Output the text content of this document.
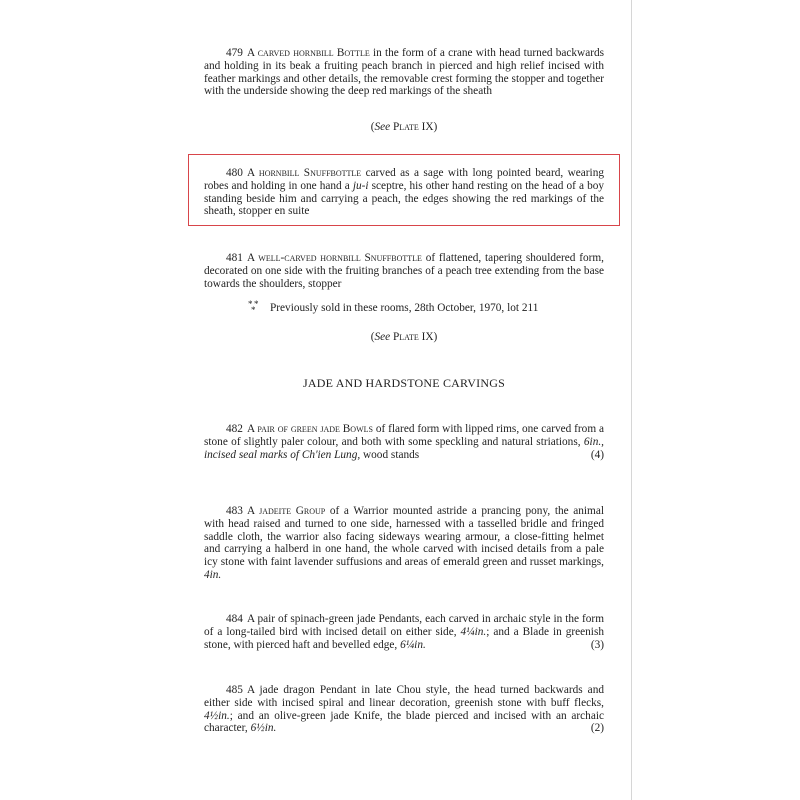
479 A carved hornbill Bottle in the form of a crane with head turned backwards and holding in its beak a fruiting peach branch in pierced and high relief incised with feather markings and other details, the removable crest forming the stopper and together with the underside showing the deep red markings of the sheath

(See Plate IX)

480 A hornbill Snuffbottle carved as a sage with long pointed beard, wearing robes and holding in one hand a ju-i sceptre, his other hand resting on the head of a boy standing beside him and carrying a peach, the edges showing the red markings of the sheath, stopper en suite

481 A well-carved hornbill Snuffbottle of flattened, tapering shouldered form, decorated on one side with the fruiting branches of a peach tree extending from the base towards the shoulders, stopper

* *
* Previously sold in these rooms, 28th October, 1970, lot 211
(See Plate IX)
JADE AND HARDSTONE CARVINGS

482 A pair of green jade Bowls of flared form with lipped rims, one carved from a stone of slightly paler colour, and both with some speckling and natural striations, 6in., incised seal marks of Ch'ien Lung, wood stands	(4)

483 A jadeite Group of a Warrior mounted astride a prancing pony, the animal with head raised and turned to one side, harnessed with a tasselled bridle and fringed saddle cloth, the warrior also facing sideways wearing armour, a close-fitting helmet and carrying a halberd in one hand, the whole carved with incised details from a pale icy stone with faint lavender suffusions and areas of emerald green and russet markings, 4in.

484 A pair of spinach-green jade Pendants, each carved in archaic style in the form of a long-tailed bird with incised detail on either side, 4¼in.; and a Blade in greenish stone, with pierced haft and bevelled edge, 6¼in.	(3)

485 A jade dragon Pendant in late Chou style, the head turned backwards and either side with incised spiral and linear decoration, greenish stone with buff flecks, 4½in.; and an olive-green jade Knife, the blade pierced and incised with an archaic character, 6½in.	(2)
